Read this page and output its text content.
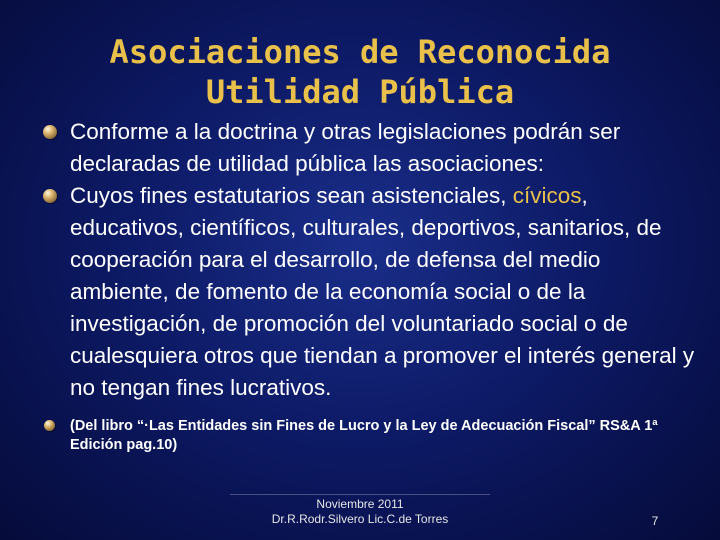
Asociaciones de Reconocida
Utilidad Pública
Conforme a la doctrina y otras legislaciones podrán ser declaradas de utilidad pública las asociaciones:
Cuyos fines estatutarios sean asistenciales, cívicos, educativos, científicos, culturales, deportivos, sanitarios, de cooperación para el desarrollo, de defensa del medio ambiente, de fomento de la economía social o de la investigación, de promoción del voluntariado social o de cualesquiera otros que tiendan a promover el interés general y no tengan fines lucrativos.
(Del libro “·Las Entidades sin Fines de Lucro y la Ley de Adecuación Fiscal” RS&A 1ª Edición pag.10)
Noviembre 2011
Dr.R.Rodr.Silvero Lic.C.de Torres	7
